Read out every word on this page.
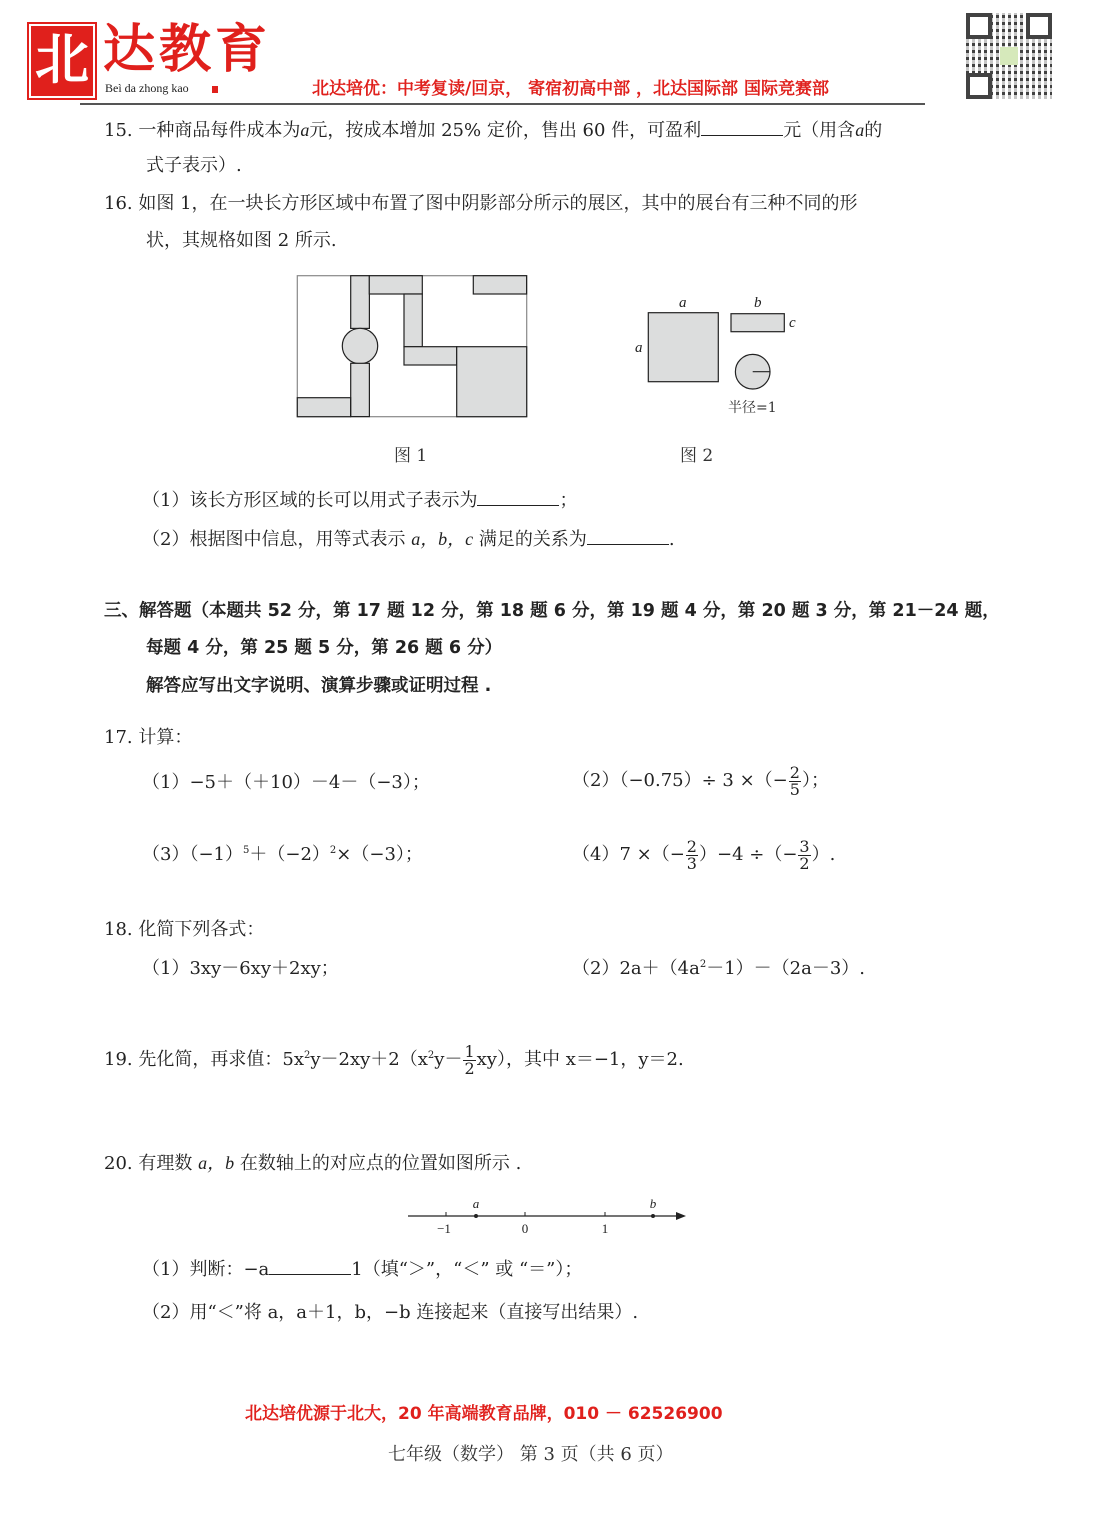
北 达教育
Beì da zhong kao	北达培优：中考复读/回京， 寄宿初高中部 ，北达国际部 国际竞赛部
15. 一种商品每件成本为a元，按成本增加 25% 定价，售出 60 件，可盈利	元（用含a的
式子表示）.
16. 如图 1，在一块长方形区域中布置了图中阴影部分所示的展区，其中的展台有三种不同的形
状，其规格如图 2 所示.
a
a
b
c
半径=1
图 1	图 2
（1）该长方形区域的长可以用式子表示为	；
（2）根据图中信息，用等式表示 a，b，c 满足的关系为	.
三、解答题（本题共 52 分，第 17 题 12 分，第 18 题 6 分，第 19 题 4 分，第 20 题 3 分，第 21－24 题，
每题 4 分，第 25 题 5 分，第 26 题 6 分）
解答应写出文字说明、演算步骤或证明过程 .
17. 计算：
（1）−5＋（＋10）－4－（−3）；	（2）（−0.75）÷ 3 ×（− $\frac{2}{5}$ ）；
$(3)(-1)^5+(-2)^2\times(-3)$；	（4）7 ×（− $\frac{2}{3} )-4$ ÷（− $\frac{3}{2}$ ）.
18. 化简下列各式：
（1）3xy－6xy＋2xy；	$(2)2a+(4a^2-1)-(2a-3)$.
19. 先化简，再求值：$5x^2y-2xy+2(x^2y- \frac{1}{2} xy)$，其中 x＝−1，y＝2.
20. 有理数 a，b 在数轴上的对应点的位置如图所示 .
−1	0	1
a	b
（1）判断：−a	1（填“＞”，“＜” 或 “＝”）；
（2）用“＜”将 a，a＋1，b，−b 连接起来（直接写出结果）.
北达培优源于北大，20 年高端教育品牌，010 － 62526900
七年级（数学） 第 3 页（共 6 页）
